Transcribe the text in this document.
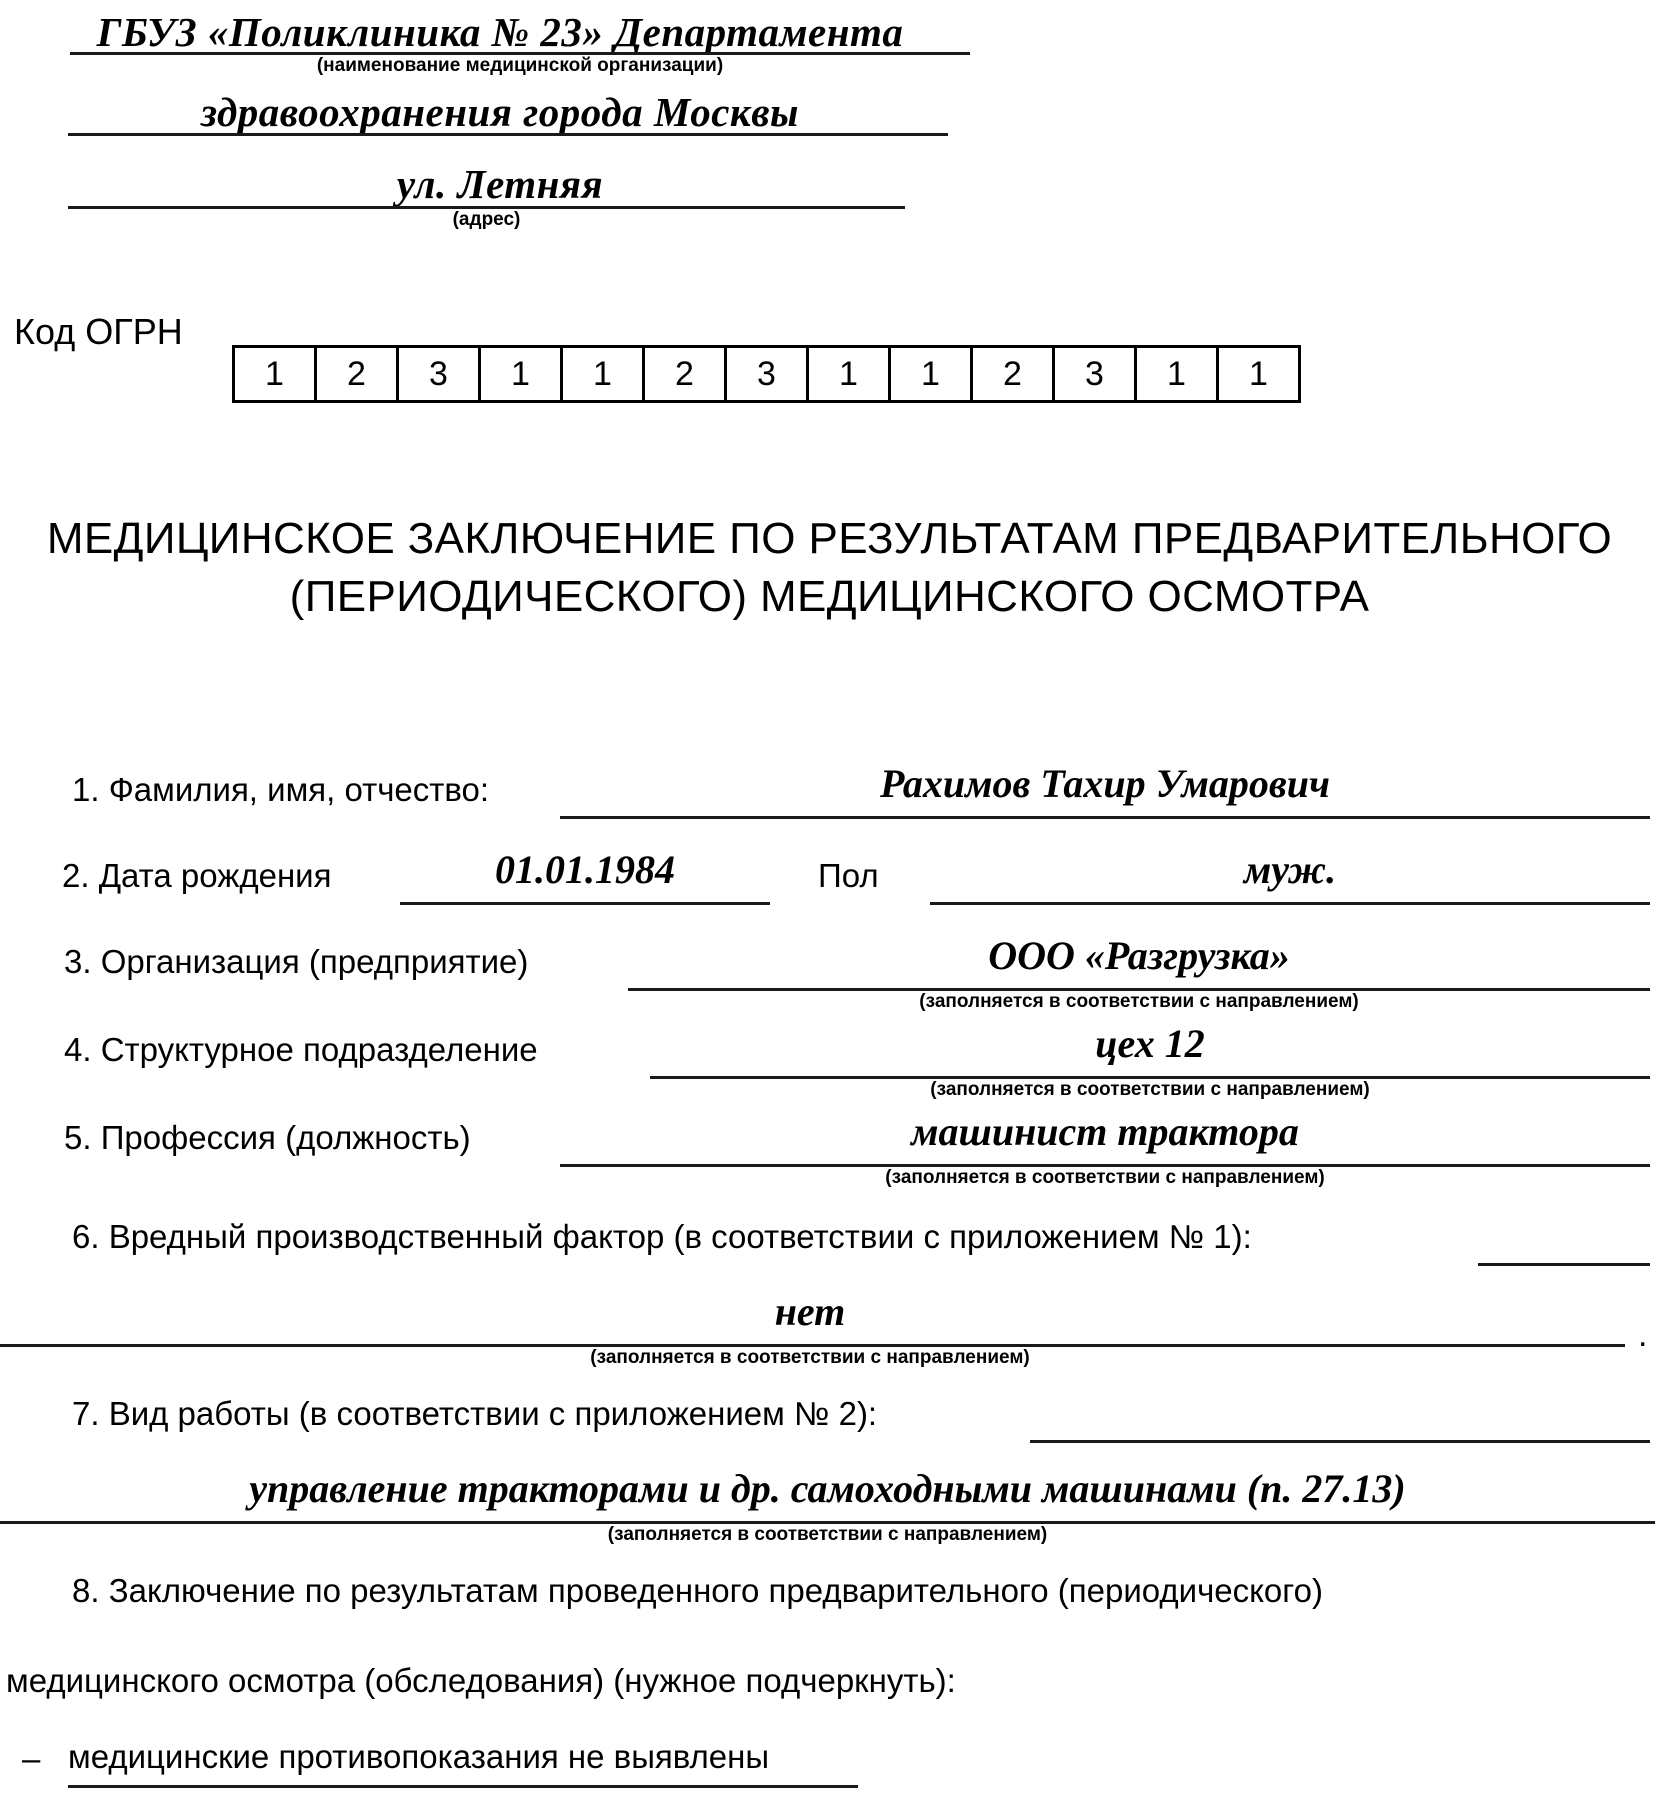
ГБУЗ «Поликлиника № 23» Департамента
(наименование медицинской организации)
здравоохранения города Москвы
ул. Летняя
(адрес)
Код ОГРН
1	2	3	1	1	2	3	1	1	2	3	1	1
МЕДИЦИНСКОЕ ЗАКЛЮЧЕНИЕ ПО РЕЗУЛЬТАТАМ ПРЕДВАРИТЕЛЬНОГО (ПЕРИОДИЧЕСКОГО) МЕДИЦИНСКОГО ОСМОТРА
1. Фамилия, имя, отчество:	Рахимов Тахир Умарович
2. Дата рождения	01.01.1984	Пол	муж.
3. Организация (предприятие)	ООО «Разгрузка»
(заполняется в соответствии с направлением)
4. Структурное подразделение	цех 12
(заполняется в соответствии с направлением)
5. Профессия (должность)	машинист трактора
(заполняется в соответствии с направлением)
6. Вредный производственный фактор (в соответствии с приложением № 1):
нет
.
(заполняется в соответствии с направлением)
7. Вид работы (в соответствии с приложением № 2):
управление тракторами и др. самоходными машинами (п. 27.13)
(заполняется в соответствии с направлением)
8. Заключение по результатам проведенного предварительного (периодического)
медицинского осмотра (обследования) (нужное подчеркнуть):
– медицинские противопоказания не выявлены
